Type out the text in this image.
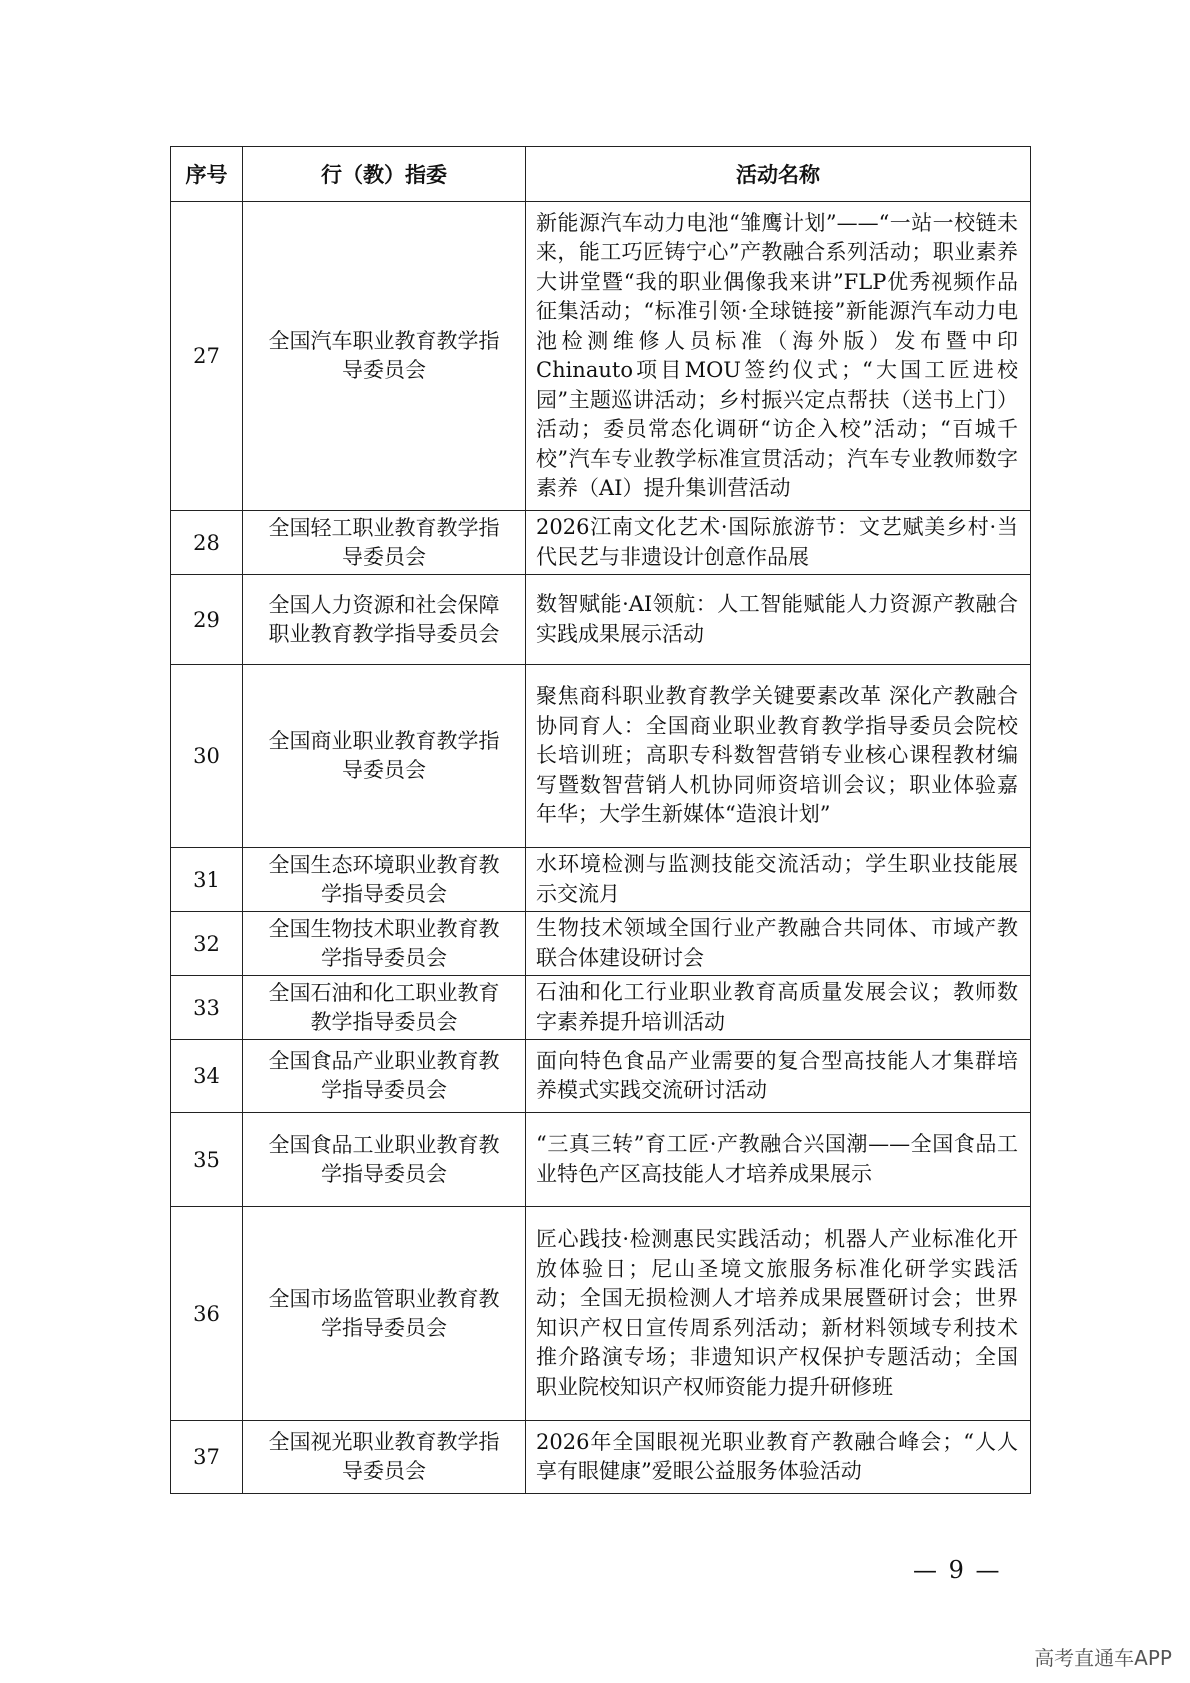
序号	行（教）指委	活动名称
27	全国汽车职业教育教学指导委员会	新能源汽车动力电池“雏鹰计划”——“一站一校链未来，能工巧匠铸宁心”产教融合系列活动；职业素养大讲堂暨“我的职业偶像我来讲”FLP优秀视频作品征集活动；“标准引领·全球链接”新能源汽车动力电池检测维修人员标准（海外版）发布暨中印Chinauto项目MOU签约仪式；“大国工匠进校园”主题巡讲活动；乡村振兴定点帮扶（送书上门）活动；委员常态化调研“访企入校”活动；“百城千校”汽车专业教学标准宣贯活动；汽车专业教师数字素养（AI）提升集训营活动
28	全国轻工职业教育教学指导委员会	2026江南文化艺术·国际旅游节：文艺赋美乡村·当代民艺与非遗设计创意作品展
29	全国人力资源和社会保障职业教育教学指导委员会	数智赋能·AI领航：人工智能赋能人力资源产教融合实践成果展示活动
30	全国商业职业教育教学指导委员会	聚焦商科职业教育教学关键要素改革 深化产教融合协同育人：全国商业职业教育教学指导委员会院校长培训班；高职专科数智营销专业核心课程教材编写暨数智营销人机协同师资培训会议；职业体验嘉年华；大学生新媒体“造浪计划”
31	全国生态环境职业教育教学指导委员会	水环境检测与监测技能交流活动；学生职业技能展示交流月
32	全国生物技术职业教育教学指导委员会	生物技术领域全国行业产教融合共同体、市域产教联合体建设研讨会
33	全国石油和化工职业教育教学指导委员会	石油和化工行业职业教育高质量发展会议；教师数字素养提升培训活动
34	全国食品产业职业教育教学指导委员会	面向特色食品产业需要的复合型高技能人才集群培养模式实践交流研讨活动
35	全国食品工业职业教育教学指导委员会	“三真三转”育工匠·产教融合兴国潮——全国食品工业特色产区高技能人才培养成果展示
36	全国市场监管职业教育教学指导委员会	匠心践技·检测惠民实践活动；机器人产业标准化开放体验日；尼山圣境文旅服务标准化研学实践活动；全国无损检测人才培养成果展暨研讨会；世界知识产权日宣传周系列活动；新材料领域专利技术推介路演专场；非遗知识产权保护专题活动；全国职业院校知识产权师资能力提升研修班
37	全国视光职业教育教学指导委员会	2026年全国眼视光职业教育产教融合峰会；“人人享有眼健康”爱眼公益服务体验活动
— 9 —
高考直通车APP
